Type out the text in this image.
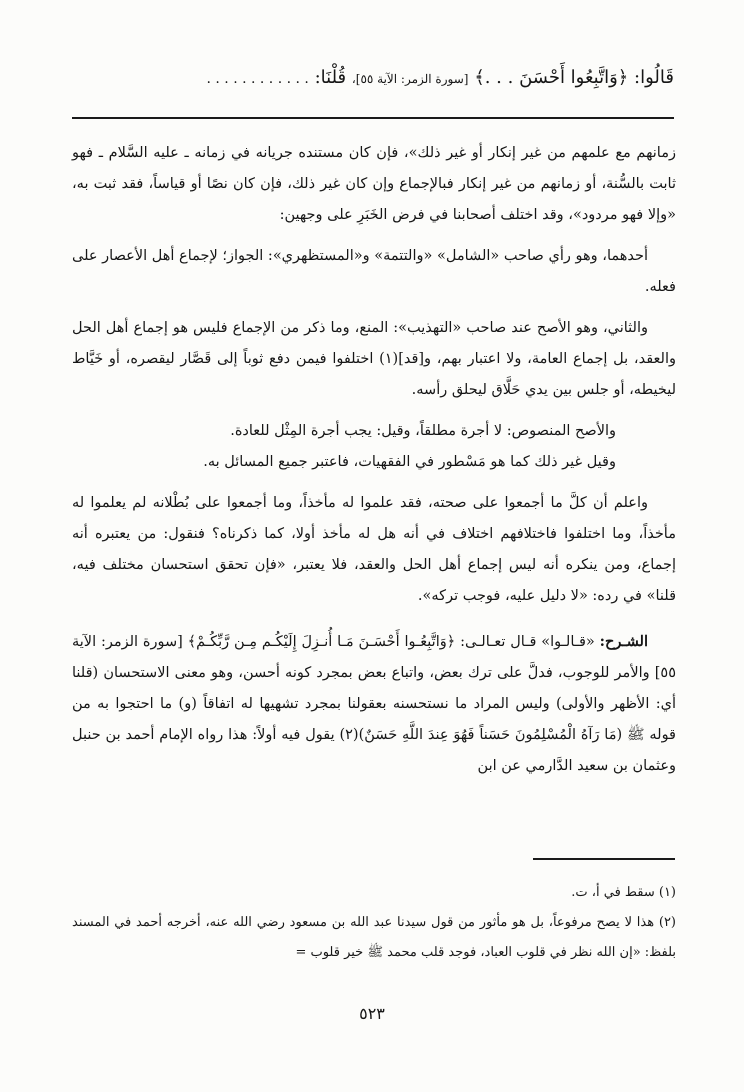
قَالُوا: ﴿وَاتَّبِعُوا أَحْسَنَ . . .﴾ [سورة الزمر: الآية ٥٥]، قُلْنَا: . . . . . . . . . . . .

زمانهم مع علمهم من غير إنكار أو غير ذلك»، فإن كان مستنده جريانه في زمانه ـ عليه السَّلام ـ فهو ثابت بالسُّنة، أو زمانهم من غير إنكار فبالإجماع وإن كان غير ذلك، فإن كان نصًا أو قياساً، فقد ثبت به، «وإلا فهو مردود»، وقد اختلف أصحابنا في فرض الخَبَرِ على وجهين:

أحدهما، وهو رأي صاحب «الشامل» «والتتمة» و«المستظهري»: الجواز؛ لإجماع أهل الأعصار على فعله.

والثاني، وهو الأصح عند صاحب «التهذيب»: المنع، وما ذكر من الإجماع فليس هو إجماع أهل الحل والعقد، بل إجماع العامة، ولا اعتبار بهم، و[قد](١) اختلفوا فيمن دفع ثوباً إلى قَصَّار ليقصره، أو خَيَّاط ليخيطه، أو جلس بين يدي حَلَّاق ليحلق رأسه.

والأصح المنصوص: لا أجرة مطلقاً، وقيل: يجب أجرة المِثْل للعادة.

وقيل غير ذلك كما هو مَسْطور في الفقهيات، فاعتبر جميع المسائل به.

واعلم أن كلَّ ما أجمعوا على صحته، فقد علموا له مأخذاً، وما أجمعوا على بُطْلانه لم يعلموا له مأخذاً، وما اختلفوا فاختلافهم اختلاف في أنه هل له مأخذ أولا، كما ذكرناه؟ فنقول: من يعتبره أنه إجماع، ومن ينكره أنه ليس إجماع أهل الحل والعقد، فلا يعتبر، «فإن تحقق استحسان مختلف فيه، قلنا» في رده: «لا دليل عليه، فوجب تركه».

الشـرح: «قـالـوا» قـال تعـالـى: ﴿وَاتَّبِعُـوا أَحْسَـنَ مَـا أُنـزِلَ إِلَيْكُـم مِـن رَّبِّكُـمْ﴾ [سورة الزمر: الآية ٥٥] والأمر للوجوب، فدلَّ على ترك بعض، واتباع بعض بمجرد كونه أحسن، وهو معنى الاستحسان (قلنا أي: الأظهر والأولى) وليس المراد ما نستحسنه بعقولنا بمجرد تشهيها له اتفاقاً (و) ما احتجوا به من قوله ﷺ (مَا رَآهُ الْمُسْلِمُونَ حَسَناً فَهُوَ عِندَ اللَّهِ حَسَنٌ)(٢) يقول فيه أولاً: هذا رواه الإمام أحمد بن حنبل وعثمان بن سعيد الدَّارمي عن ابن

(١) سقط في أ، ت.

(٢) هذا لا يصح مرفوعاً، بل هو مأثور من قول سيدنا عبد الله بن مسعود رضي الله عنه، أخرجه أحمد في المسند بلفظ: «إن الله نظر في قلوب العباد، فوجد قلب محمد ﷺ خير قلوب =

٥٢٣
